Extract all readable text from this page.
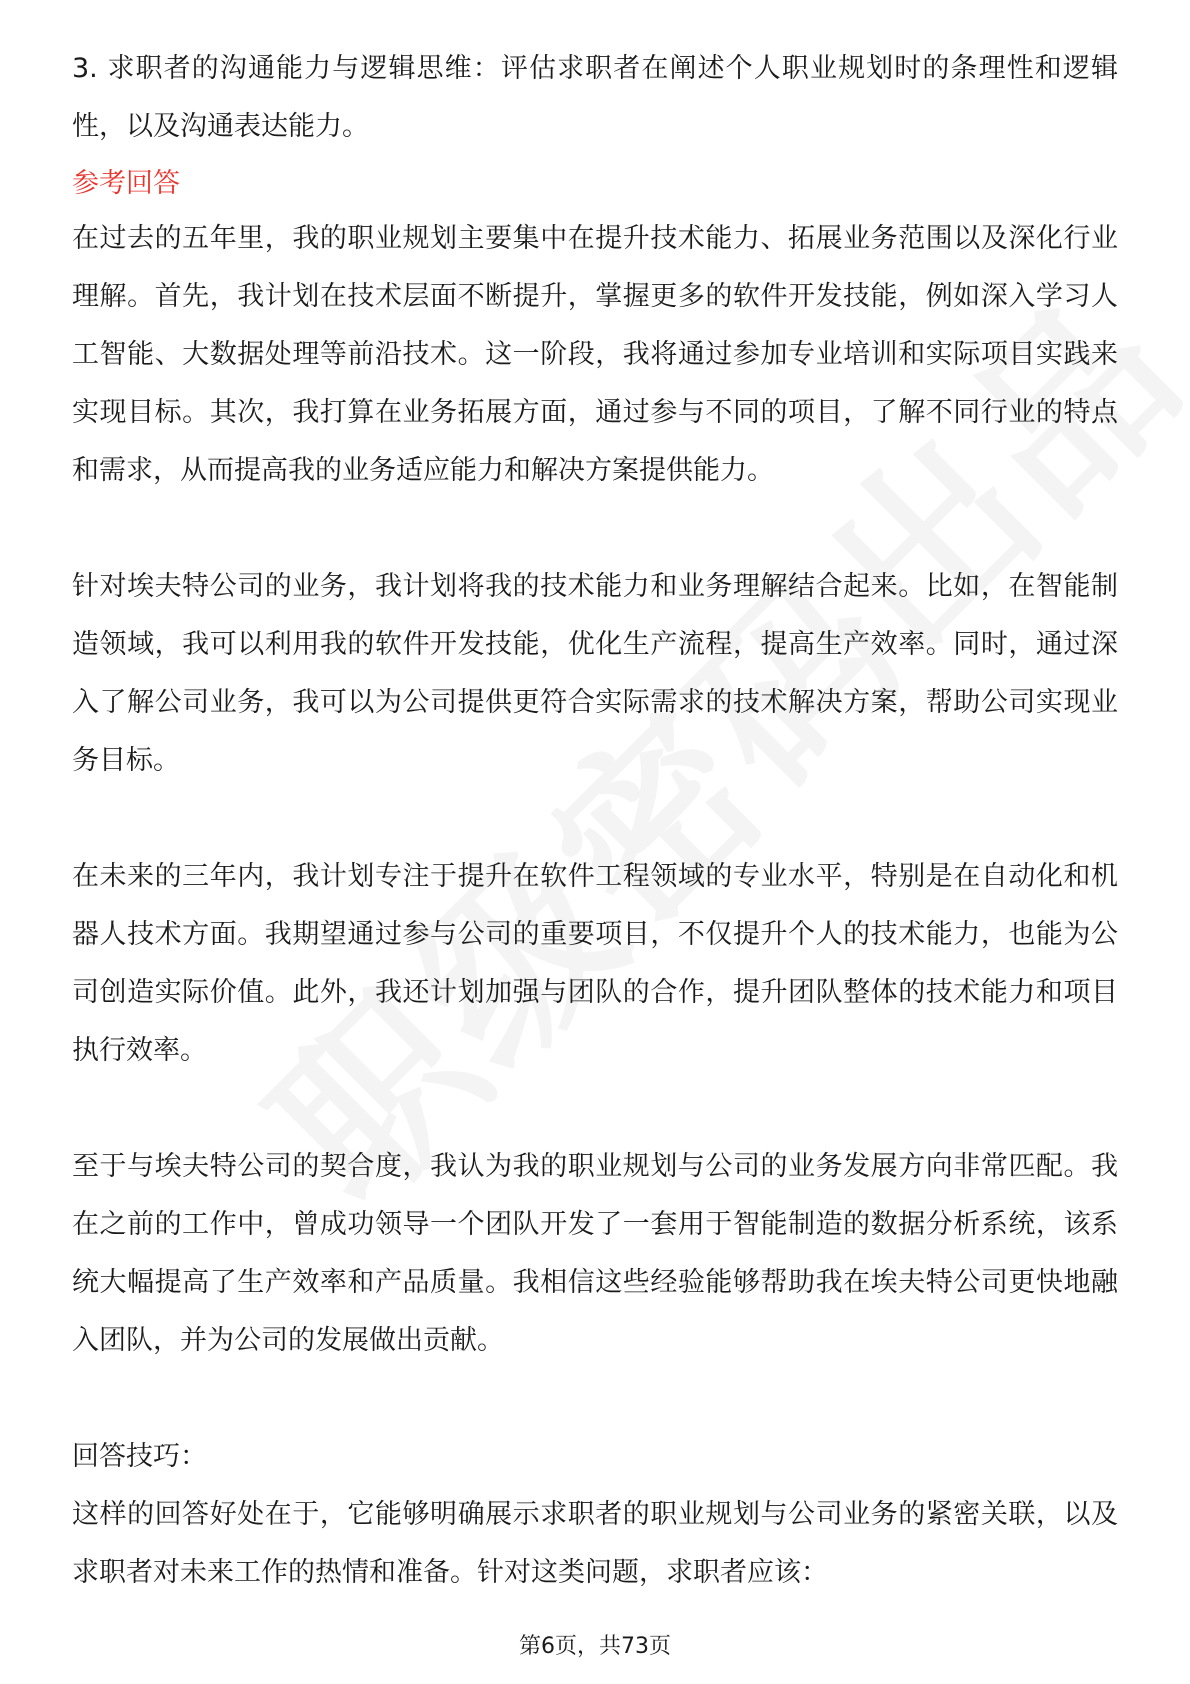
3. 求职者的沟通能力与逻辑思维：评估求职者在阐述个人职业规划时的条理性和逻辑性，以及沟通表达能力。

参考回答

在过去的五年里，我的职业规划主要集中在提升技术能力、拓展业务范围以及深化行业理解。首先，我计划在技术层面不断提升，掌握更多的软件开发技能，例如深入学习人工智能、大数据处理等前沿技术。这一阶段，我将通过参加专业培训和实际项目实践来实现目标。其次，我打算在业务拓展方面，通过参与不同的项目，了解不同行业的特点和需求，从而提高我的业务适应能力和解决方案提供能力。

针对埃夫特公司的业务，我计划将我的技术能力和业务理解结合起来。比如，在智能制造领域，我可以利用我的软件开发技能，优化生产流程，提高生产效率。同时，通过深入了解公司业务，我可以为公司提供更符合实际需求的技术解决方案，帮助公司实现业务目标。

在未来的三年内，我计划专注于提升在软件工程领域的专业水平，特别是在自动化和机器人技术方面。我期望通过参与公司的重要项目，不仅提升个人的技术能力，也能为公司创造实际价值。此外，我还计划加强与团队的合作，提升团队整体的技术能力和项目执行效率。

至于与埃夫特公司的契合度，我认为我的职业规划与公司的业务发展方向非常匹配。我在之前的工作中，曾成功领导一个团队开发了一套用于智能制造的数据分析系统，该系统大幅提高了生产效率和产品质量。我相信这些经验能够帮助我在埃夫特公司更快地融入团队，并为公司的发展做出贡献。

回答技巧：

这样的回答好处在于，它能够明确展示求职者的职业规划与公司业务的紧密关联，以及求职者对未来工作的热情和准备。针对这类问题，求职者应该：

第6页，共73页
